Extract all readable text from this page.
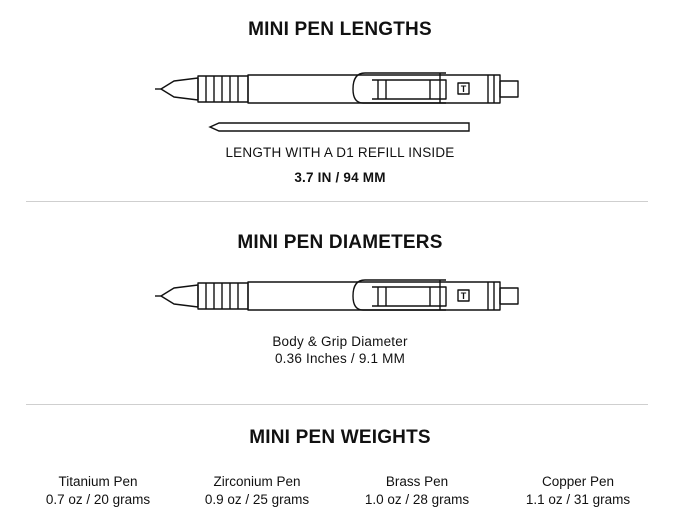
MINI PEN LENGTHS
T
LENGTH WITH A D1 REFILL INSIDE
3.7 IN / 94 MM
MINI PEN DIAMETERS
T
Body & Grip Diameter
0.36 Inches / 9.1 MM
MINI PEN WEIGHTS
Titanium Pen
0.7 oz / 20 grams
Zirconium Pen
0.9 oz / 25 grams
Brass Pen
1.0 oz / 28 grams
Copper Pen
1.1 oz / 31 grams
